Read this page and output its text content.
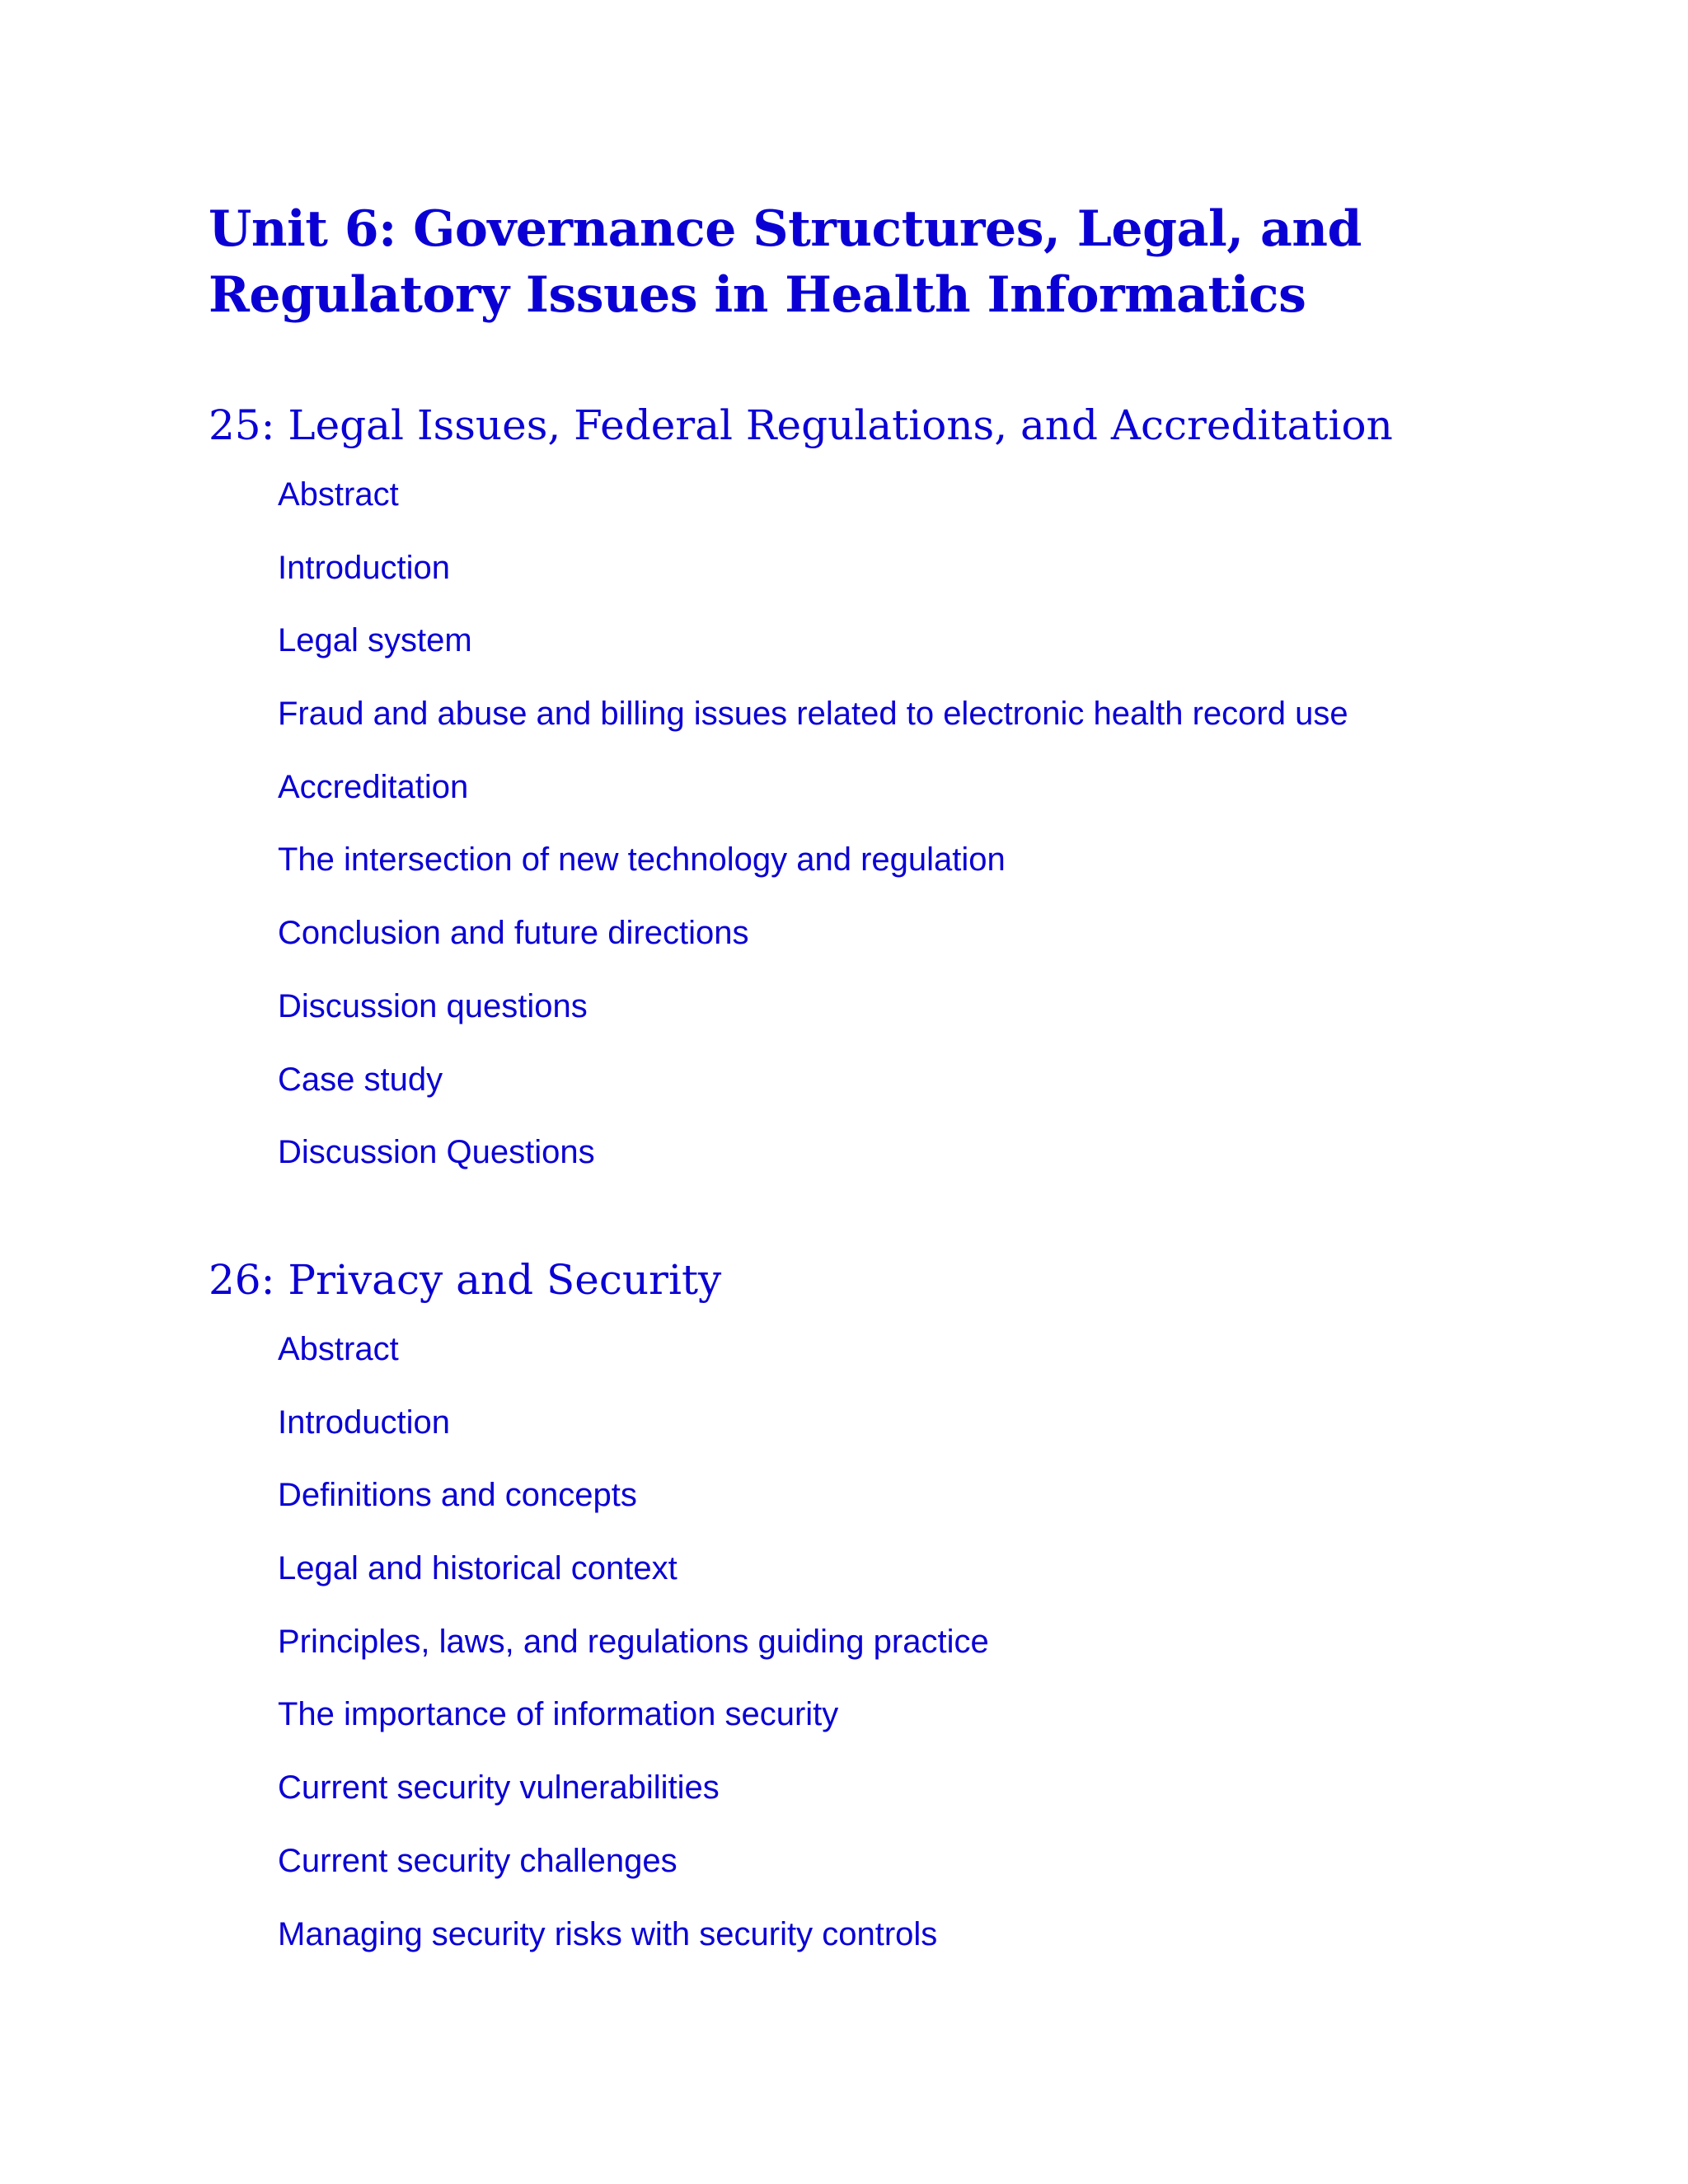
Unit 6: Governance Structures, Legal, and Regulatory Issues in Health Informatics
25: Legal Issues, Federal Regulations, and Accreditation
Abstract
Introduction
Legal system
Fraud and abuse and billing issues related to electronic health record use
Accreditation
The intersection of new technology and regulation
Conclusion and future directions
Discussion questions
Case study
Discussion Questions
26: Privacy and Security
Abstract
Introduction
Definitions and concepts
Legal and historical context
Principles, laws, and regulations guiding practice
The importance of information security
Current security vulnerabilities
Current security challenges
Managing security risks with security controls
